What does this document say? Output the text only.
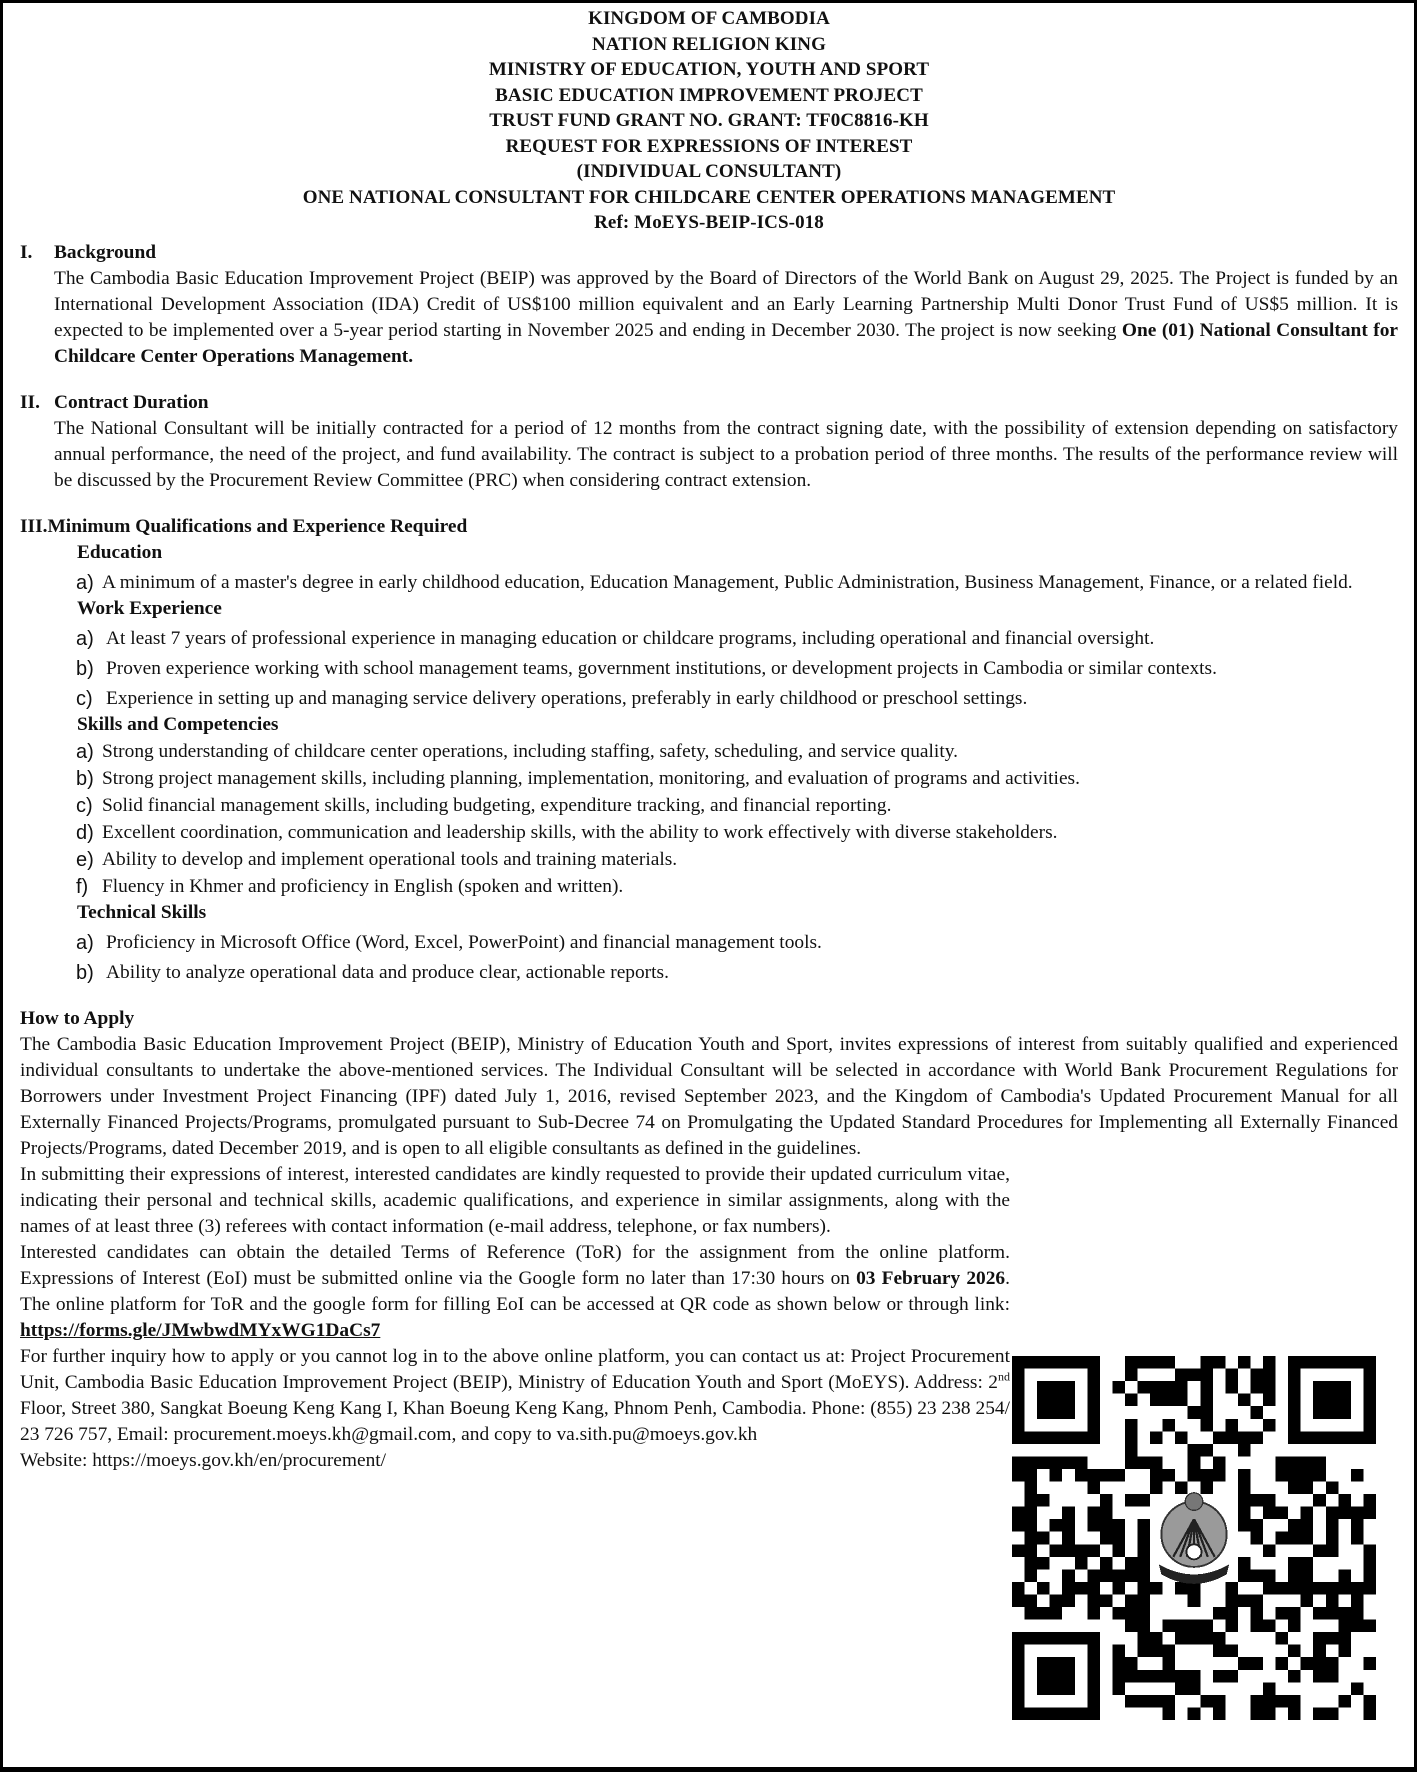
KINGDOM OF CAMBODIA
NATION RELIGION KING
MINISTRY OF EDUCATION, YOUTH AND SPORT
BASIC EDUCATION IMPROVEMENT PROJECT
TRUST FUND GRANT NO. GRANT: TF0C8816-KH
REQUEST FOR EXPRESSIONS OF INTEREST
(INDIVIDUAL CONSULTANT)
ONE NATIONAL CONSULTANT FOR CHILDCARE CENTER OPERATIONS MANAGEMENT
Ref: MoEYS-BEIP-ICS-018
I.	Background
The Cambodia Basic Education Improvement Project (BEIP) was approved by the Board of Directors of the World Bank on August 29, 2025. The Project is funded by an International Development Association (IDA) Credit of US$100 million equivalent and an Early Learning Partnership Multi Donor Trust Fund of US$5 million. It is expected to be implemented over a 5-year period starting in November 2025 and ending in December 2030. The project is now seeking One (01) National Consultant for Childcare Center Operations Management.
II. Contract Duration
The National Consultant will be initially contracted for a period of 12 months from the contract signing date, with the possibility of extension depending on satisfactory annual performance, the need of the project, and fund availability. The contract is subject to a probation period of three months. The results of the performance review will be discussed by the Procurement Review Committee (PRC) when considering contract extension.
III. Minimum Qualifications and Experience Required
Education
a) A minimum of a master's degree in early childhood education, Education Management, Public Administration, Business Management, Finance, or a related field.
Work Experience
a) At least 7 years of professional experience in managing education or childcare programs, including operational and financial oversight.
b) Proven experience working with school management teams, government institutions, or development projects in Cambodia or similar contexts.
c) Experience in setting up and managing service delivery operations, preferably in early childhood or preschool settings.
Skills and Competencies
a) Strong understanding of childcare center operations, including staffing, safety, scheduling, and service quality.
b) Strong project management skills, including planning, implementation, monitoring, and evaluation of programs and activities.
c) Solid financial management skills, including budgeting, expenditure tracking, and financial reporting.
d) Excellent coordination, communication and leadership skills, with the ability to work effectively with diverse stakeholders.
e) Ability to develop and implement operational tools and training materials.
f) Fluency in Khmer and proficiency in English (spoken and written).
Technical Skills
a) Proficiency in Microsoft Office (Word, Excel, PowerPoint) and financial management tools.
b) Ability to analyze operational data and produce clear, actionable reports.
How to Apply
The Cambodia Basic Education Improvement Project (BEIP), Ministry of Education Youth and Sport, invites expressions of interest from suitably qualified and experienced individual consultants to undertake the above-mentioned services. The Individual Consultant will be selected in accordance with World Bank Procurement Regulations for Borrowers under Investment Project Financing (IPF) dated July 1, 2016, revised September 2023, and the Kingdom of Cambodia's Updated Procurement Manual for all Externally Financed Projects/Programs, promulgated pursuant to Sub-Decree 74 on Promulgating the Updated Standard Procedures for Implementing all Externally Financed Projects/Programs, dated December 2019, and is open to all eligible consultants as defined in the guidelines.

In submitting their expressions of interest, interested candidates are kindly requested to provide their updated curriculum vitae, indicating their personal and technical skills, academic qualifications, and experience in similar assignments, along with the names of at least three (3) referees with contact information (e-mail address, telephone, or fax numbers).

Interested candidates can obtain the detailed Terms of Reference (ToR) for the assignment from the online platform. Expressions of Interest (EoI) must be submitted online via the Google form no later than 17:30 hours on 03 February 2026. The online platform for ToR and the google form for filling EoI can be accessed at QR code as shown below or through link:

https://forms.gle/JMwbwdMYxWG1DaCs7

For further inquiry how to apply or you cannot log in to the above online platform, you can contact us at: Project Procurement Unit, Cambodia Basic Education Improvement Project (BEIP), Ministry of Education Youth and Sport (MoEYS). Address: 2nd Floor, Street 380, Sangkat Boeung Keng Kang I, Khan Boeung Keng Kang, Phnom Penh, Cambodia. Phone: (855) 23 238 254/ 23 726 757, Email: procurement.moeys.kh@gmail.com, and copy to va.sith.pu@moeys.gov.kh

Website: https://moeys.gov.kh/en/procurement/
